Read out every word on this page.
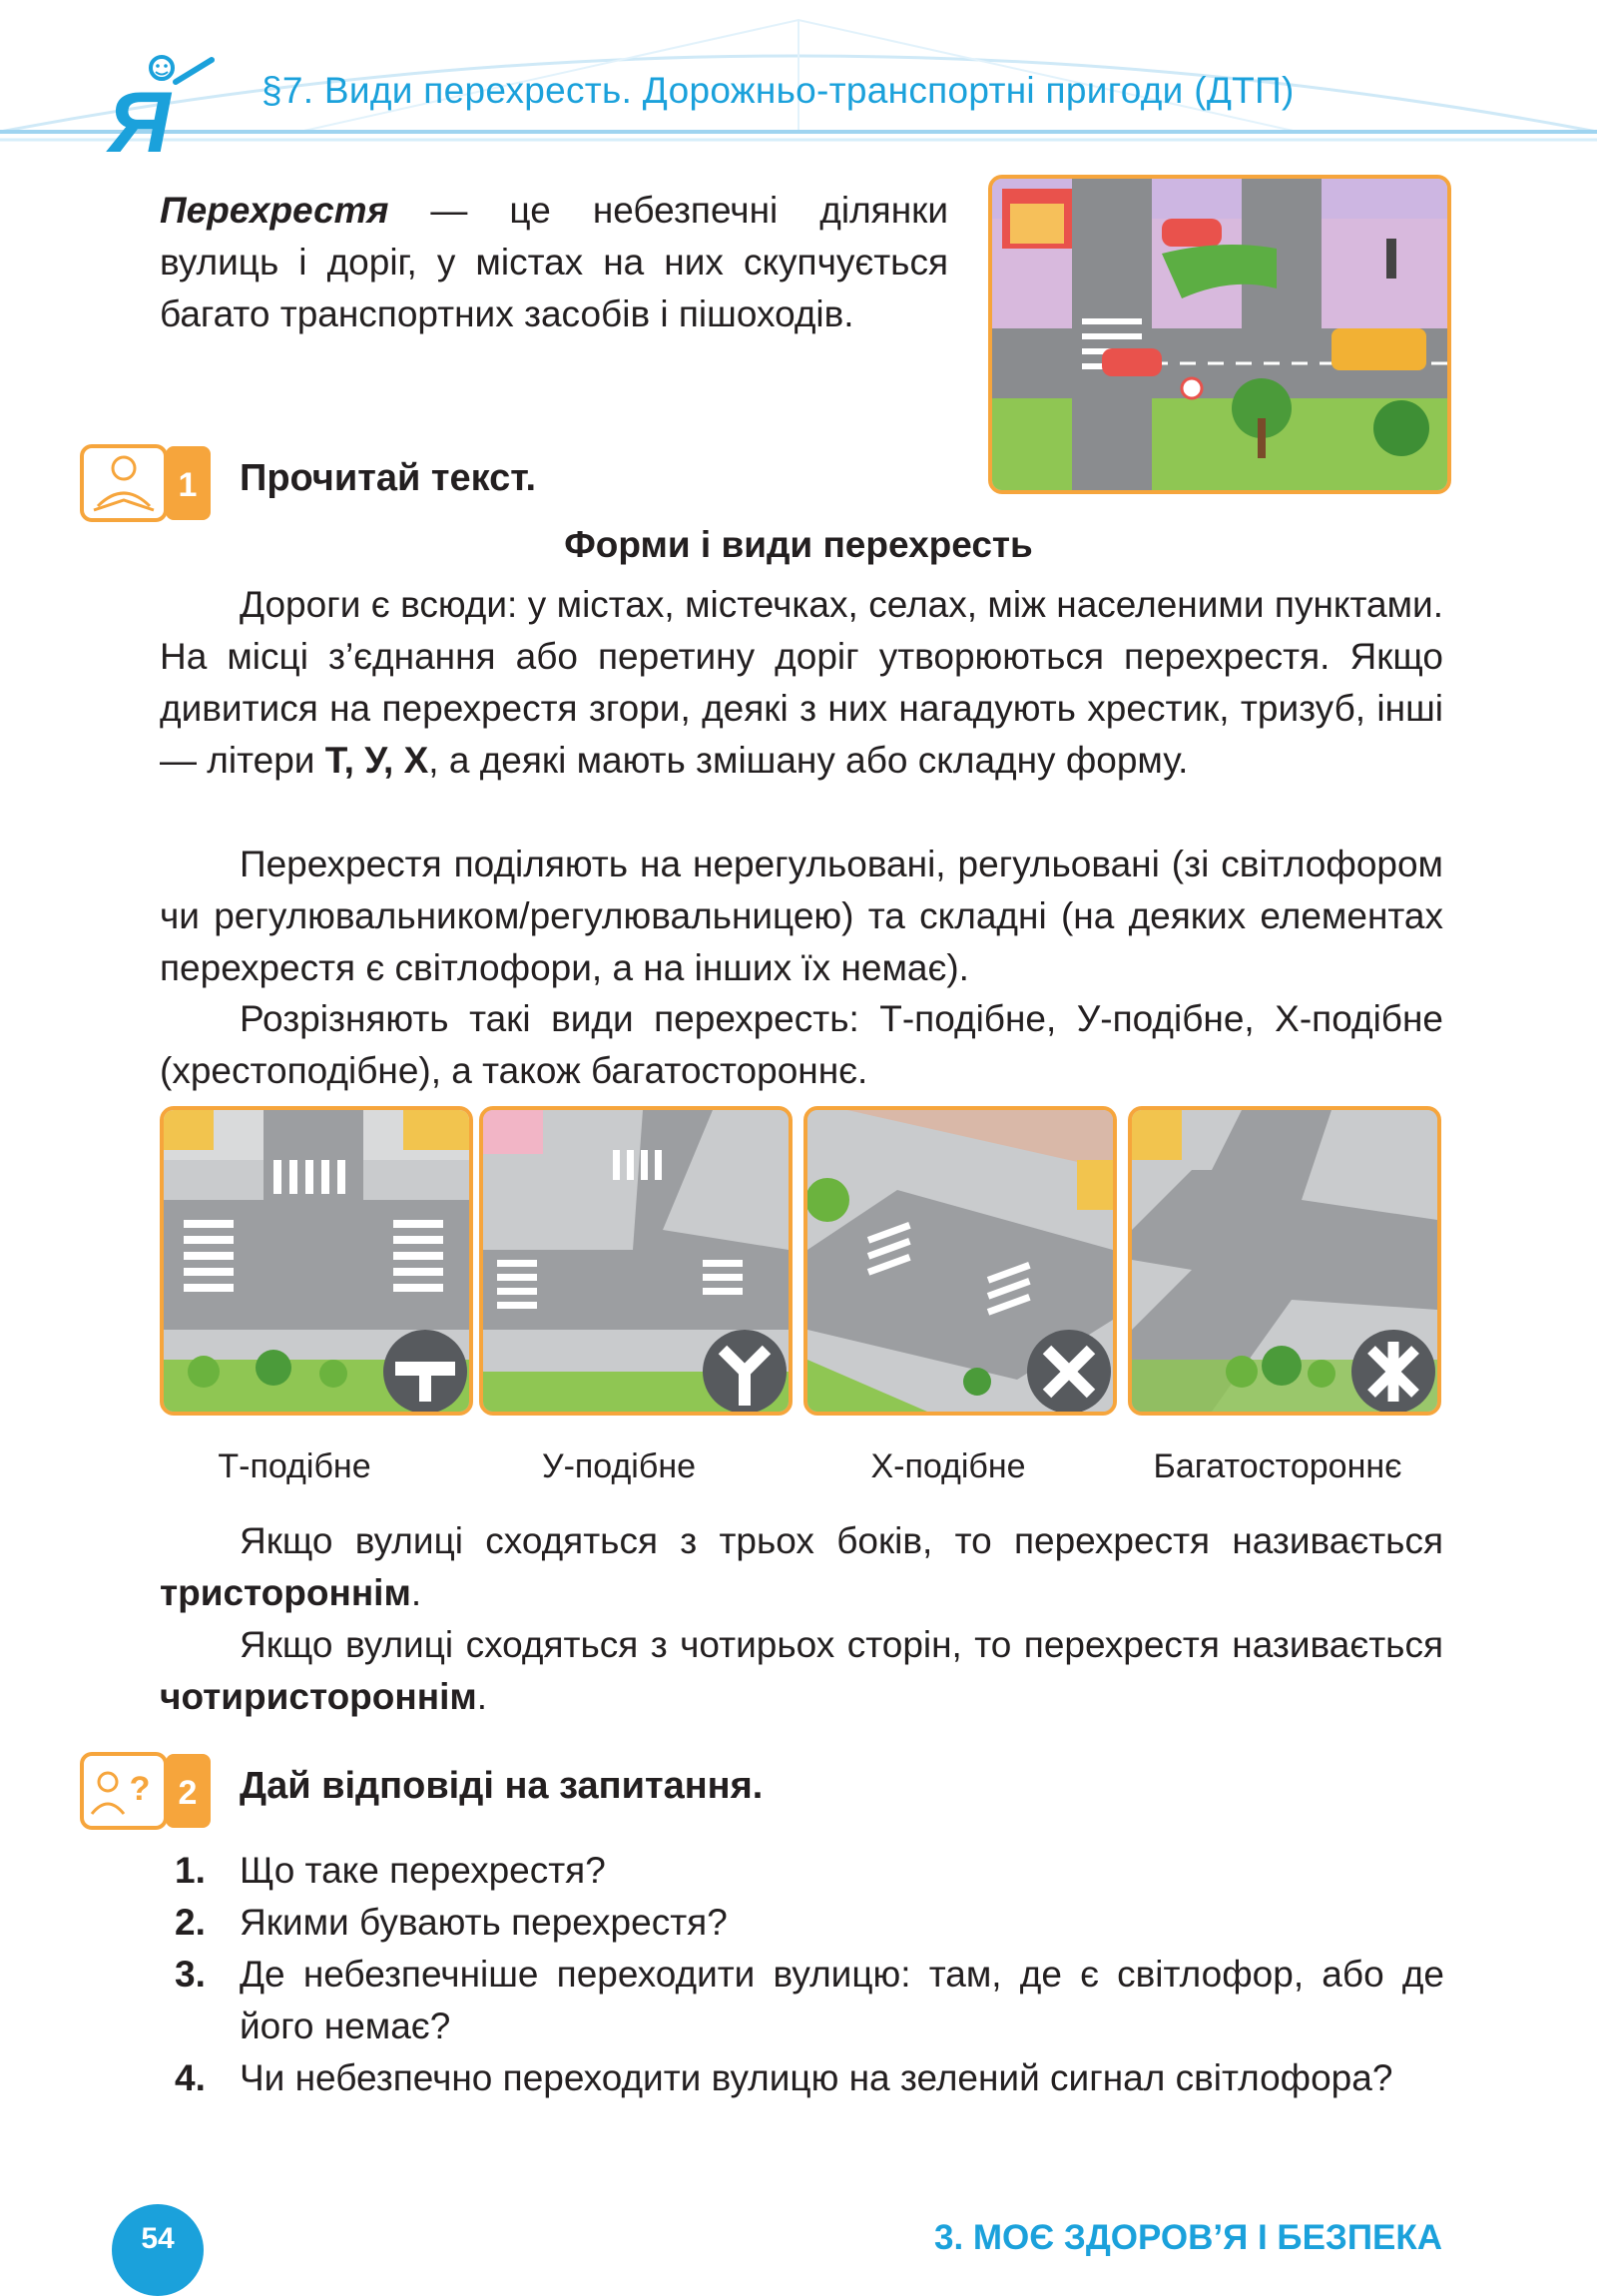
Я §7. Види перехресть. Дорожньо-транспортні пригоди (ДТП)
Перехрестя — це небезпечні ділянки вулиць і доріг, у містах на них скупчується багато транспортних засобів і пішоходів.
1 Прочитай текст.
Форми і види перехресть
Дороги є всюди: у містах, містечках, селах, між населеними пунктами. На місці з’єднання або перетину доріг утворюються перехрестя. Якщо дивитися на перехрестя згори, деякі з них нагадують хрестик, тризуб, інші — літери Т, У, Х, а деякі мають змішану або складну форму.
Перехрестя поділяють на нерегульовані, регульовані (зі світлофором чи регулювальником/регулювальницею) та складні (на деяких елементах перехрестя є світлофори, а на інших їх немає).
Розрізняють такі види перехресть: Т-подібне, У-подібне, Х-подібне (хрестоподібне), а також багатостороннє.
Т-подібне	У-подібне	Х-подібне	Багатостороннє
Якщо вулиці сходяться з трьох боків, то перехрестя називається тристороннім.
Якщо вулиці сходяться з чотирьох сторін, то перехрестя називається чотиристороннім.
? 2 Дай відповіді на запитання.
1. Що таке перехрестя?
2. Якими бувають перехрестя?
3. Де небезпечніше переходити вулицю: там, де є світлофор, або де його немає?
4. Чи небезпечно переходити вулицю на зелений сигнал світлофора?
54	3. МОЄ ЗДОРОВ’Я І БЕЗПЕКА
